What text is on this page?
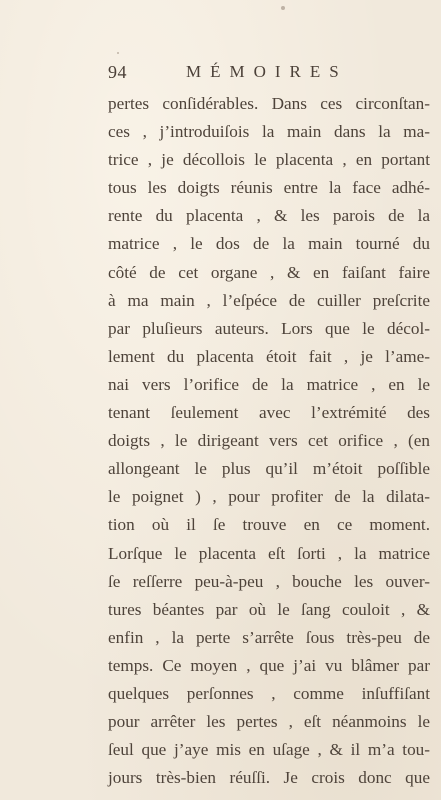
94	MÉMOIRES
pertes conſidérables. Dans ces circonſtan-
ces , j’introduiſois la main dans la ma-
trice , je décollois le placenta , en portant
tous les doigts réunis entre la face adhé-
rente du placenta , & les parois de la
matrice , le dos de la main tourné du
côté de cet organe , & en faiſant faire
à ma main , l’eſpéce de cuiller preſcrite
par pluſieurs auteurs. Lors que le décol-
lement du placenta étoit fait , je l’ame-
nai vers l’orifice de la matrice , en le
tenant ſeulement avec l’extrémité des
doigts , le dirigeant vers cet orifice , (en
allongeant le plus qu’il m’étoit poſſible
le poignet ) , pour profiter de la dilata-
tion où il ſe trouve en ce moment.
Lorſque le placenta eſt ſorti , la matrice
ſe reſſerre peu-à-peu , bouche les ouver-
tures béantes par où le ſang couloit , &
enfin , la perte s’arrête ſous très-peu de
temps. Ce moyen , que j’ai vu blâmer par
quelques perſonnes , comme inſuffiſant
pour arrêter les pertes , eſt néanmoins le
ſeul que j’aye mis en uſage , & il m’a tou-
jours très-bien réuſſi. Je crois donc que
